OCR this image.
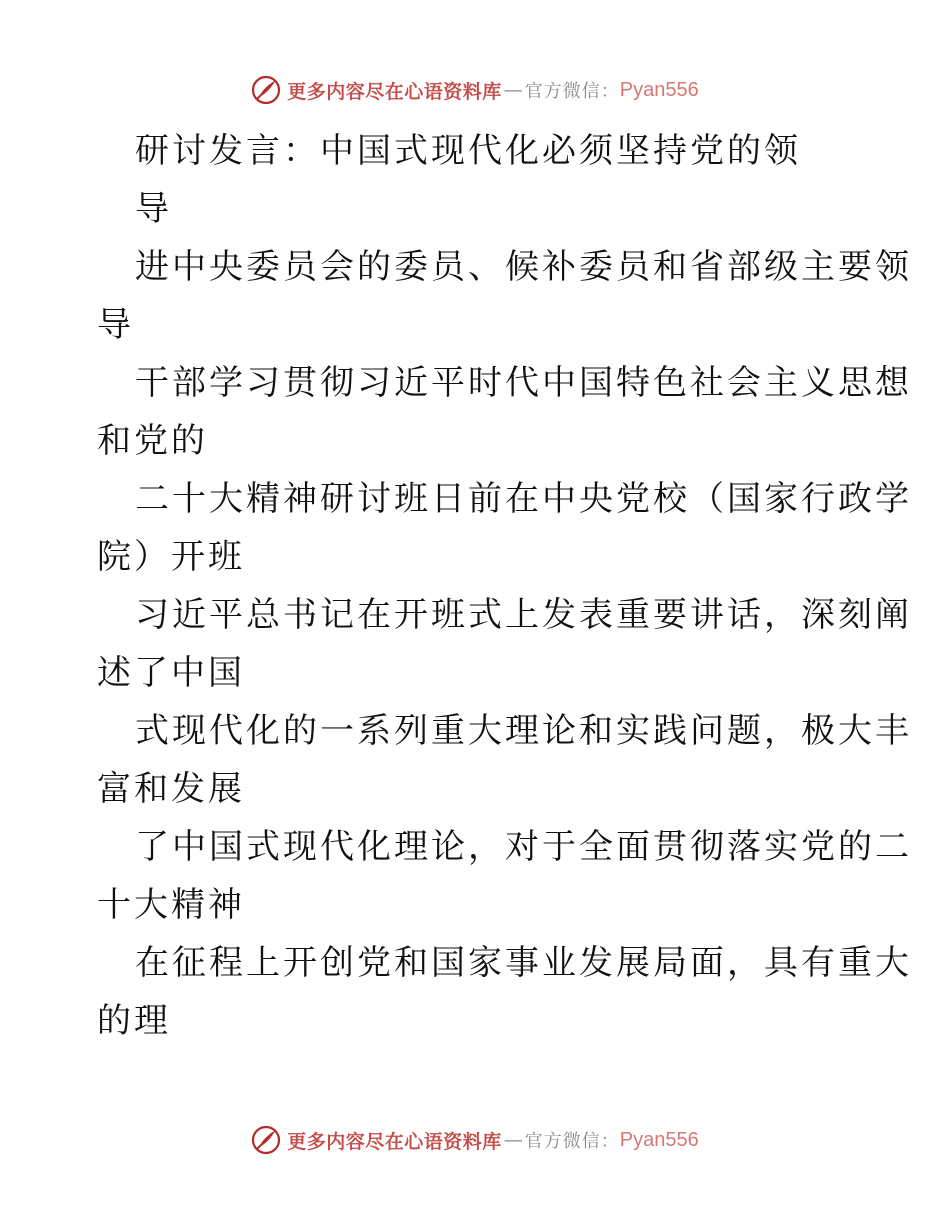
更多内容尽在心语资料库 — 官方微信： Pyan556
研讨发言：中国式现代化必须坚持党的领
导
进中央委员会的委员、候补委员和省部级主要领
导
干部学习贯彻习近平时代中国特色社会主义思想
和党的
二十大精神研讨班日前在中央党校（国家行政学
院）开班
习近平总书记在开班式上发表重要讲话，深刻阐
述了中国
式现代化的一系列重大理论和实践问题，极大丰
富和发展
了中国式现代化理论，对于全面贯彻落实党的二
十大精神
在征程上开创党和国家事业发展局面，具有重大
的理
更多内容尽在心语资料库 — 官方微信： Pyan556
